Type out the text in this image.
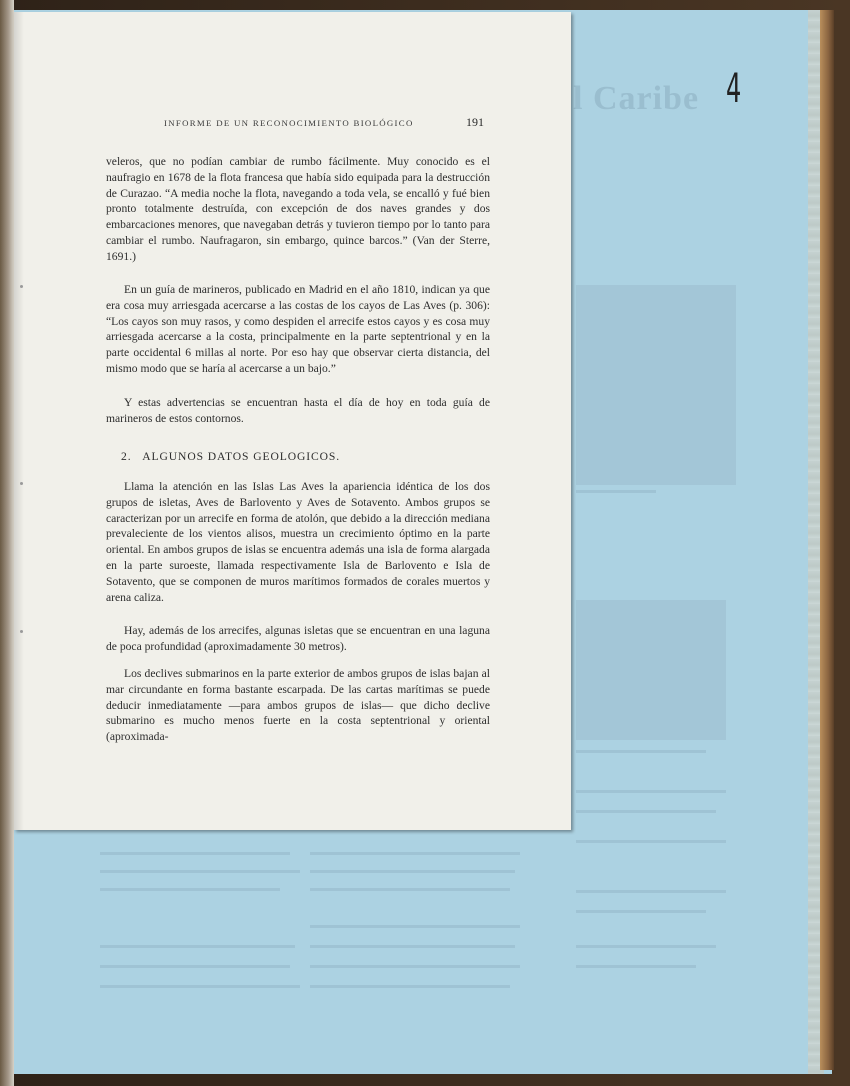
l Caribe 4
INFORME DE UN RECONOCIMIENTO BIOLÓGICO	191

veleros, que no podían cambiar de rumbo fácilmente. Muy conocido es el naufragio en 1678 de la flota francesa que había sido equipada para la destrucción de Curazao. “A media noche la flota, navegando a toda vela, se encalló y fué bien pronto totalmente destruída, con excepción de dos naves grandes y dos embarcaciones menores, que navegaban detrás y tuvieron tiempo por lo tanto para cambiar el rumbo. Naufragaron, sin embargo, quince barcos.” (Van der Sterre, 1691.)

En un guía de marineros, publicado en Madrid en el año 1810, indican ya que era cosa muy arriesgada acercarse a las costas de los cayos de Las Aves (p. 306): “Los cayos son muy rasos, y como despiden el arrecife estos cayos y es cosa muy arriesgada acercarse a la costa, principalmente en la parte septentrional y en la parte occidental 6 millas al norte. Por eso hay que observar cierta distancia, del mismo modo que se haría al acercarse a un bajo.”

Y estas advertencias se encuentran hasta el día de hoy en toda guía de marineros de estos contornos.

2.   ALGUNOS DATOS GEOLOGICOS.

Llama la atención en las Islas Las Aves la apariencia idéntica de los dos grupos de isletas, Aves de Barlovento y Aves de Sotavento. Ambos grupos se caracterizan por un arrecife en forma de atolón, que debido a la dirección mediana prevaleciente de los vientos alisos, muestra un crecimiento óptimo en la parte oriental. En ambos grupos de islas se encuentra además una isla de forma alargada en la parte suroeste, llamada respectivamente Isla de Barlovento e Isla de Sotavento, que se componen de muros marítimos formados de corales muertos y arena caliza.

Hay, además de los arrecifes, algunas isletas que se encuentran en una laguna de poca profundidad (aproximadamente 30 metros).

Los declives submarinos en la parte exterior de ambos grupos de islas bajan al mar circundante en forma bastante escarpada. De las cartas marítimas se puede deducir inmediatamente —para ambos grupos de islas— que dicho declive submarino es mucho menos fuerte en la costa septentrional y oriental (aproximada-
